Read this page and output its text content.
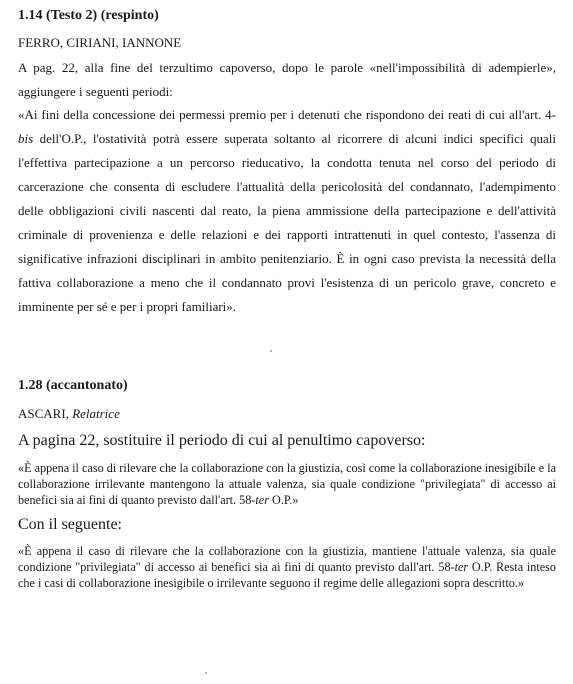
1.14 (Testo 2) (respinto)
FERRO, CIRIANI, IANNONE
A pag. 22, alla fine del terzultimo capoverso, dopo le parole «nell'impossibilità di adempierle», aggiungere i seguenti periodi:
«Ai fini della concessione dei permessi premio per i detenuti che rispondono dei reati di cui all'art. 4-bis dell'O.P., l'ostatività potrà essere superata soltanto al ricorrere di alcuni indici specifici quali l'effettiva partecipazione a un percorso rieducativo, la condotta tenuta nel corso del periodo di carcerazione che consenta di escludere l'attualità della pericolosità del condannato, l'adempimento delle obbligazioni civili nascenti dal reato, la piena ammissione della partecipazione e dell'attività criminale di provenienza e delle relazioni e dei rapporti intrattenuti in quel contesto, l'assenza di significative infrazioni disciplinari in ambito penitenziario. È in ogni caso prevista la necessità della fattiva collaborazione a meno che il condannato provi l'esistenza di un pericolo grave, concreto e imminente per sé e per i propri familiari».
1.28 (accantonato)
ASCARI, Relatrice
A pagina 22, sostituire il periodo di cui al penultimo capoverso:
«È appena il caso di rilevare che la collaborazione con la giustizia, così come la collaborazione inesigibile e la collaborazione irrilevante mantengono la attuale valenza, sia quale condizione "privilegiata" di accesso ai benefici sia ai fini di quanto previsto dall'art. 58-ter O.P.»
Con il seguente:
«È appena il caso di rilevare che la collaborazione con la giustizia, mantiene l'attuale valenza, sia quale condizione "privilegiata" di accesso ai benefici sia ai fini di quanto previsto dall'art. 58-ter O.P. Resta inteso che i casi di collaborazione inesigibile o irrilevante seguono il regime delle allegazioni sopra descritto.»
